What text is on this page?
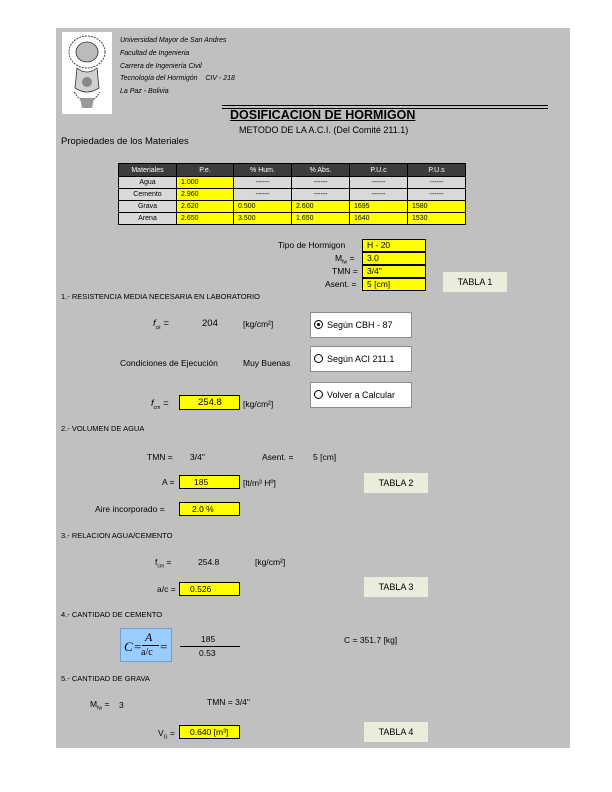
Universidad Mayor de San Andres
Facultad de Ingenieria
Carrera de Ingeniería Civil
Tecnología del Hormigón    CIV - 218
La Paz - Bolivia
DOSIFICACION DE HORMIGON
METODO DE LA A.C.I. (Del Comité 211.1)
Propiedades de los Materiales
Materiales	P.e.	% Hum.	% Abs.	P.U.c	P.U.s
Agua	1.000	------	------	------	------
Cemento	2.960	------	------	------	------
Grava	2.620	0.500	2.600	1695	1580
Arena	2.650	3.500	1.650	1640	1530
Tipo de Hormigon	H - 20
$M_{fw}$ =	3.0
TMN =	3/4"
Asent. =	5 [cm]	TABLA 1
1.- RESISTENCIA MEDIA NECESARIA EN LABORATORIO
$f_{ck}$ =	204	[kg/cm²]	Según CBH - 87
Condiciones de Ejecución	Muy Buenas	Según ACI 211.1
Volver a Calcular
$f_{cm}$ =	254.8	[kg/cm²]
2.- VOLUMEN DE AGUA
TMN = 3/4"	Asent. = 5 [cm]
A =	185	[lt/m³ Hº]	TABLA 2
Aire incorporado =	2.0 %
3.- RELACION AGUA/CEMENTO
$f_{cm}$ =	254.8	[kg/cm²]
a/c =	0.526	TABLA 3
4.- CANTIDAD DE CEMENTO
C =
A
a/c =	185
0.53
C = 351.7 [kg]
5.- CANTIDAD DE GRAVA
$M_{fw} = 3$	TMN = 3/4"
$V_G$ =	0.640 [m³]	TABLA 4
